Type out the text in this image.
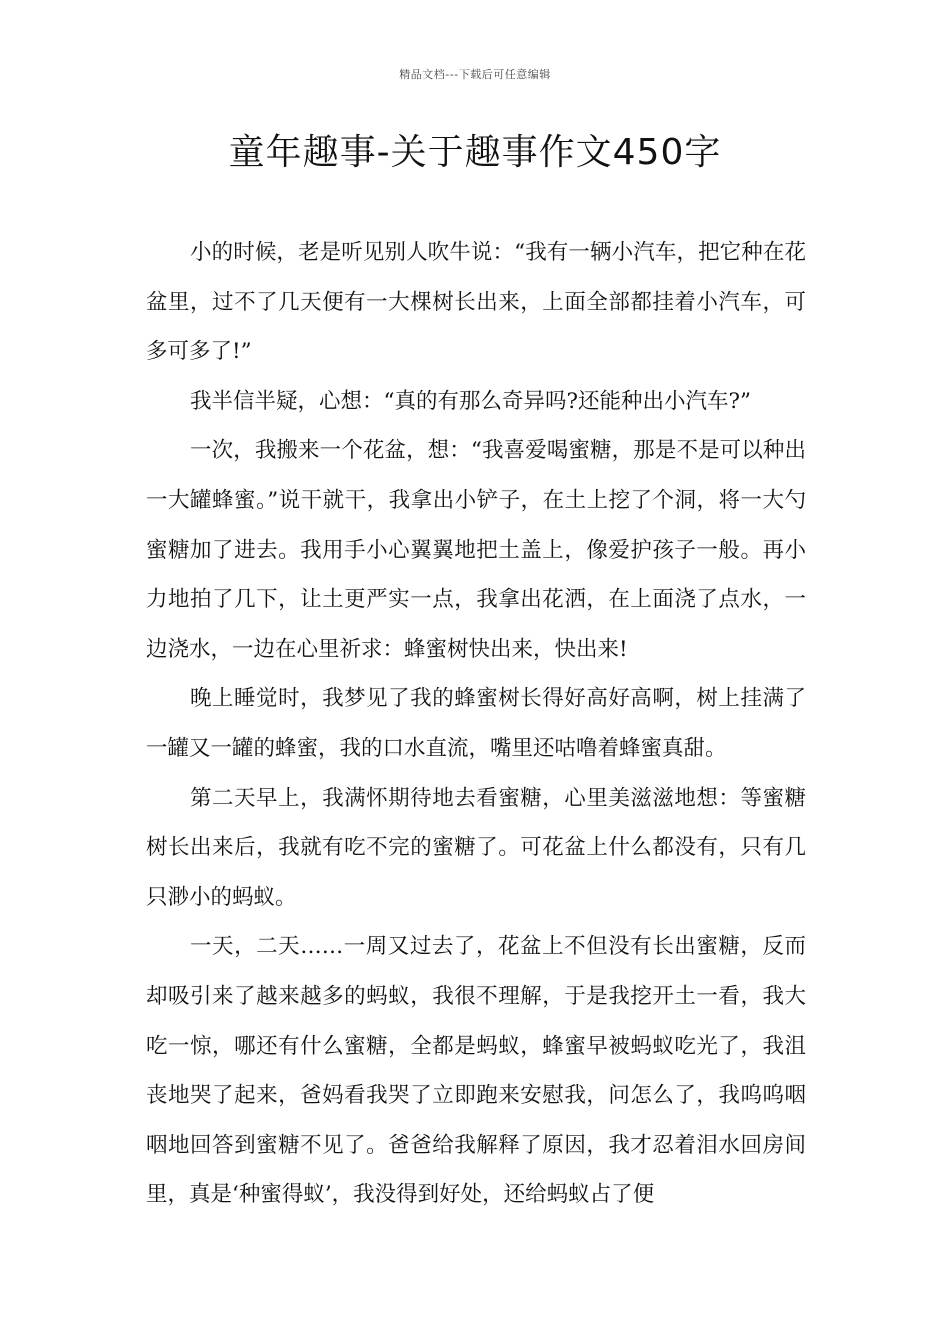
精品文档---下载后可任意编辑
童年趣事-关于趣事作文450字

小的时候，老是听见别人吹牛说：“我有一辆小汽车，把它种在花盆里，过不了几天便有一大棵树长出来，上面全部都挂着小汽车，可多可多了!”

我半信半疑，心想：“真的有那么奇异吗?还能种出小汽车?”

一次，我搬来一个花盆，想：“我喜爱喝蜜糖，那是不是可以种出一大罐蜂蜜。”说干就干，我拿出小铲子，在土上挖了个洞，将一大勺蜜糖加了进去。我用手小心翼翼地把土盖上，像爱护孩子一般。再小力地拍了几下，让土更严实一点，我拿出花洒，在上面浇了点水，一边浇水，一边在心里祈求：蜂蜜树快出来，快出来!

晚上睡觉时，我梦见了我的蜂蜜树长得好高好高啊，树上挂满了一罐又一罐的蜂蜜，我的口水直流，嘴里还咕噜着蜂蜜真甜。

第二天早上，我满怀期待地去看蜜糖，心里美滋滋地想：等蜜糖树长出来后，我就有吃不完的蜜糖了。可花盆上什么都没有，只有几只渺小的蚂蚁。

一天，二天……一周又过去了，花盆上不但没有长出蜜糖，反而却吸引来了越来越多的蚂蚁，我很不理解，于是我挖开土一看，我大吃一惊，哪还有什么蜜糖，全都是蚂蚁，蜂蜜早被蚂蚁吃光了，我沮丧地哭了起来，爸妈看我哭了立即跑来安慰我，问怎么了，我呜呜咽咽地回答到蜜糖不见了。爸爸给我解释了原因，我才忍着泪水回房间里，真是‘种蜜得蚁’，我没得到好处，还给蚂蚁占了便
